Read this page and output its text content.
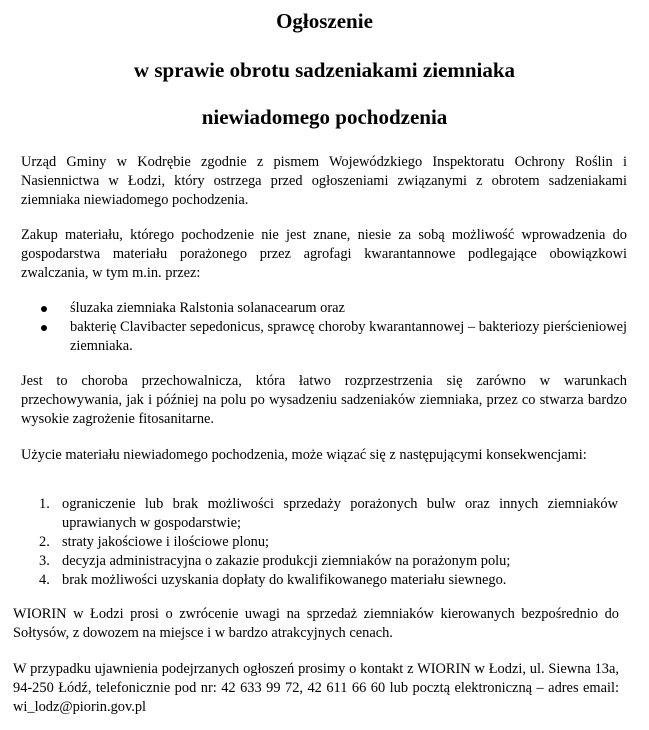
Ogłoszenie
w sprawie obrotu sadzeniakami ziemniaka
niewiadomego pochodzenia

Urząd Gminy w Kodrębie zgodnie z pismem Wojewódzkiego Inspektoratu Ochrony Roślin i Nasiennictwa w Łodzi, który ostrzega przed ogłoszeniami związanymi z obrotem sadzeniakami ziemniaka niewiadomego pochodzenia.

Zakup materiału, którego pochodzenie nie jest znane, niesie za sobą możliwość wprowadzenia do gospodarstwa materiału porażonego przez agrofagi kwarantannowe podlegające obowiązkowi zwalczania, w tym m.in. przez:

śluzaka ziemniaka Ralstonia solanacearum oraz
bakterię Clavibacter sepedonicus, sprawcę choroby kwarantannowej – bakteriozy pierścieniowej ziemniaka.

Jest to choroba przechowalnicza, która łatwo rozprzestrzenia się zarówno w warunkach przechowywania, jak i później na polu po wysadzeniu sadzeniaków ziemniaka, przez co stwarza bardzo wysokie zagrożenie fitosanitarne.

Użycie materiału niewiadomego pochodzenia, może wiązać się z następującymi konsekwencjami:

1. ograniczenie lub brak możliwości sprzedaży porażonych bulw oraz innych ziemniaków uprawianych w gospodarstwie;
2. straty jakościowe i ilościowe plonu;
3. decyzja administracyjna o zakazie produkcji ziemniaków na porażonym polu;
4. brak możliwości uzyskania dopłaty do kwalifikowanego materiału siewnego.

WIORIN w Łodzi prosi o zwrócenie uwagi na sprzedaż ziemniaków kierowanych bezpośrednio do Sołtysów, z dowozem na miejsce i w bardzo atrakcyjnych cenach.

W przypadku ujawnienia podejrzanych ogłoszeń prosimy o kontakt z WIORIN w Łodzi, ul. Siewna 13a, 94-250 Łódź, telefonicznie pod nr: 42 633 99 72, 42 611 66 60 lub pocztą elektroniczną – adres email: wi_lodz@piorin.gov.pl
